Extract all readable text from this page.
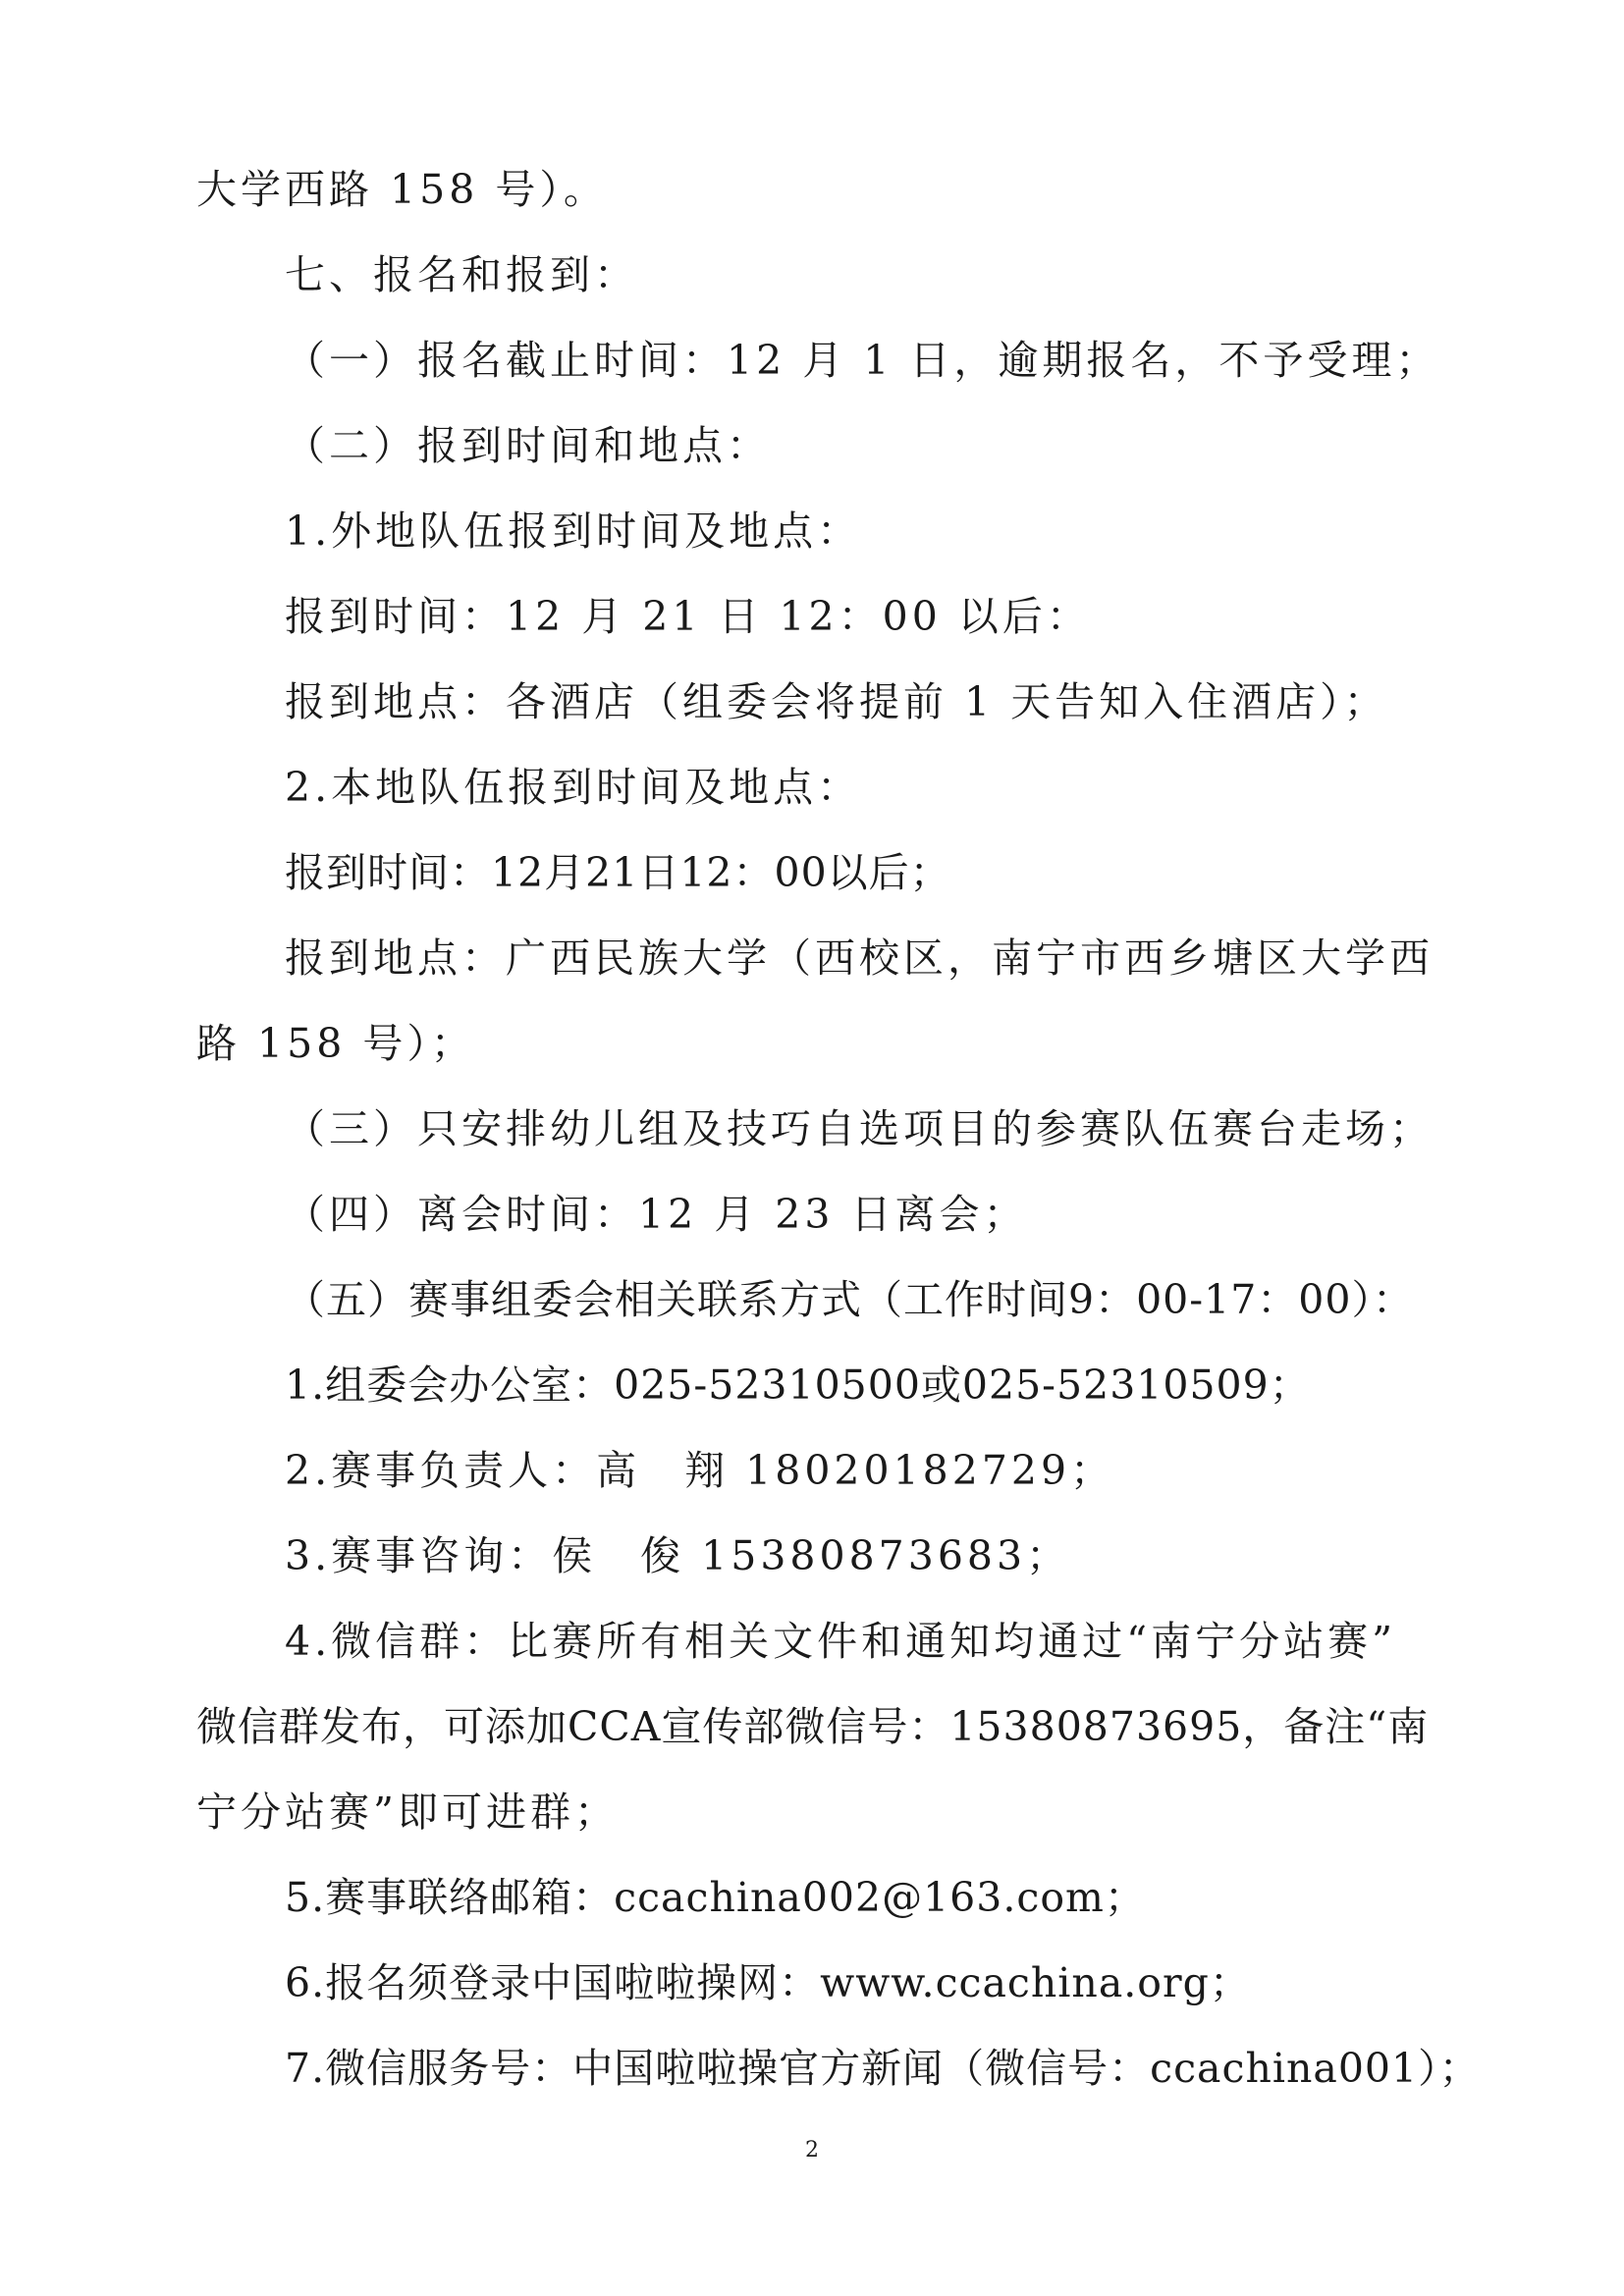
大学西路 158 号）。
七、报名和报到：
（一）报名截止时间：12 月 1 日，逾期报名，不予受理；
（二）报到时间和地点：
1.外地队伍报到时间及地点：
报到时间：12 月 21 日 12：00 以后：
报到地点：各酒店（组委会将提前 1 天告知入住酒店）；
2.本地队伍报到时间及地点：
报到时间：12月21日12：00以后；
报到地点：广西民族大学（西校区，南宁市西乡塘区大学西
路 158 号）；
（三）只安排幼儿组及技巧自选项目的参赛队伍赛台走场；
（四）离会时间：12 月 23 日离会；
（五）赛事组委会相关联系方式（工作时间9：00-17：00）：
1.组委会办公室：025-52310500或025-52310509；
2.赛事负责人：高　翔 18020182729；
3.赛事咨询：侯　俊 15380873683；
4.微信群：比赛所有相关文件和通知均通过“南宁分站赛”
微信群发布，可添加CCA宣传部微信号：15380873695，备注“南
宁分站赛”即可进群；
5.赛事联络邮箱：ccachina002@163.com；
6.报名须登录中国啦啦操网：www.ccachina.org；
7.微信服务号：中国啦啦操官方新闻（微信号：ccachina001）；
2
